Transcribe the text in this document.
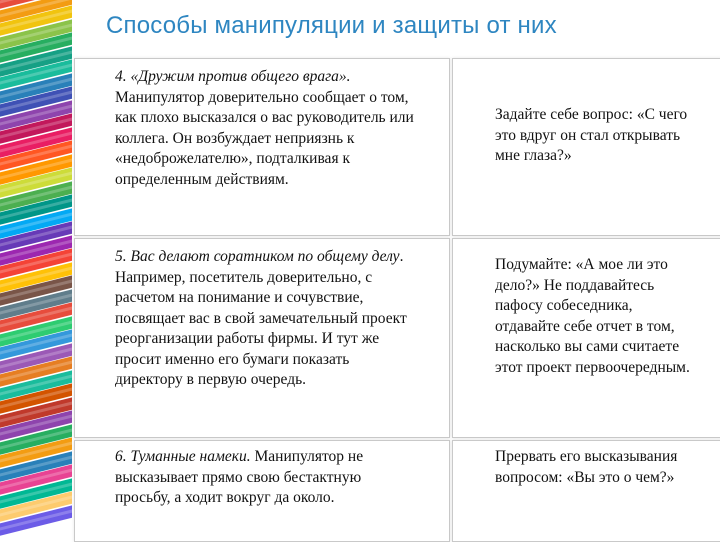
Способы манипуляции и защиты от них

4. «Дружим против общего врага». Манипулятор доверительно сообщает о том, как плохо высказался о вас руководитель или коллега. Он возбуждает неприязнь к «недоброжелателю», подталкивая к определенным действиям.

Задайте себе вопрос: «С чего это вдруг он стал открывать мне глаза?»

5. Вас делают соратником по общему делу. Например, посетитель доверительно, с расчетом на понимание и сочувствие, посвящает вас в свой замечательный проект реорганизации работы фирмы. И тут же просит именно его бумаги показать директору в первую очередь.

Подумайте: «А мое ли это дело?» Не поддавайтесь пафосу собеседника, отдавайте себе отчет в том, насколько вы сами считаете этот проект первоочередным.

6. Туманные намеки. Манипулятор не высказывает прямо свою бестактную просьбу, а ходит вокруг да около.

Прервать его высказывания вопросом: «Вы это о чем?»
